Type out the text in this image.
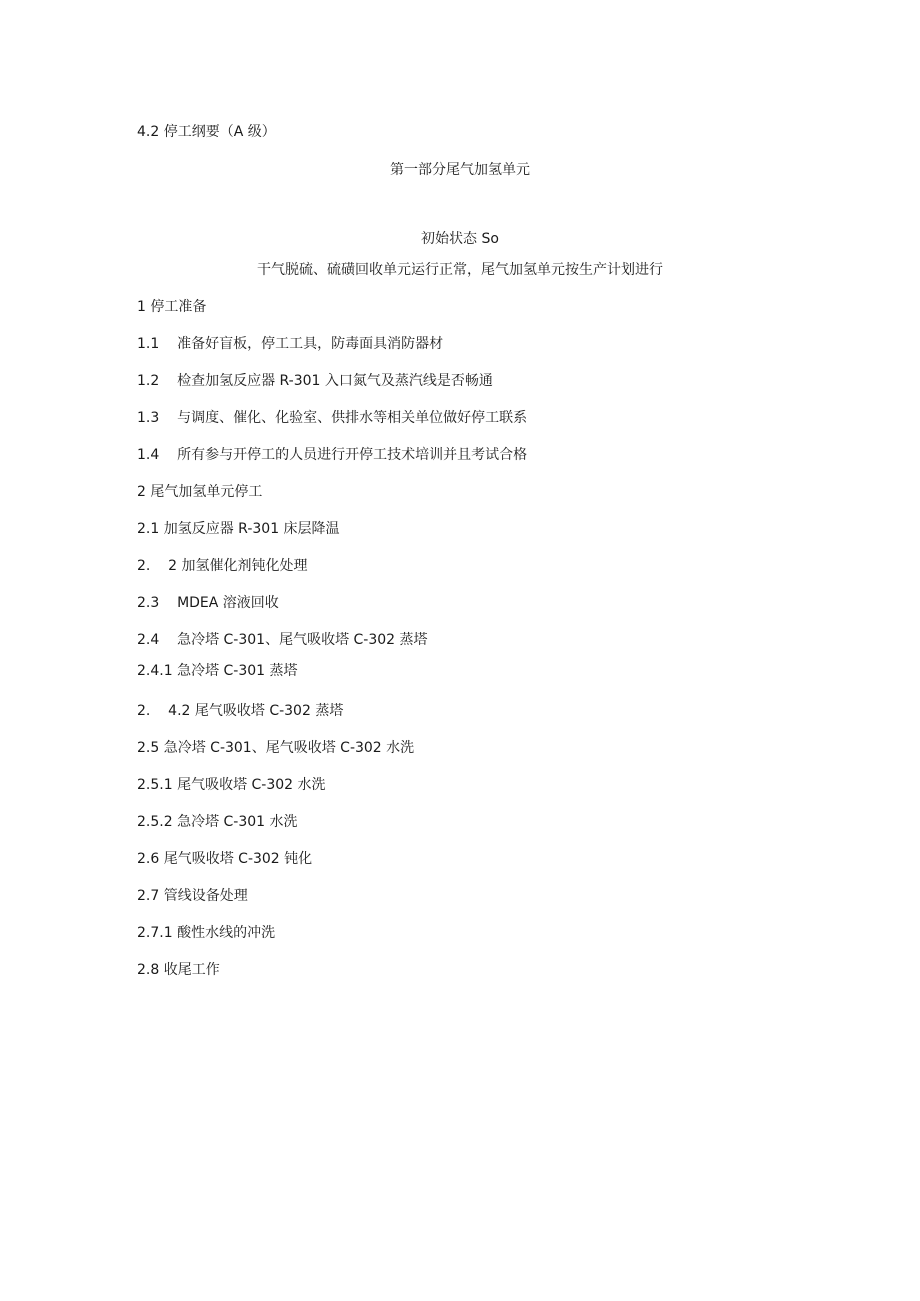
4.2 停工纲要（A 级）
第一部分尾气加氢单元
初始状态 So
干气脱硫、硫磺回收单元运行正常，尾气加氢单元按生产计划进行
1 停工准备
1.1    准备好盲板，停工工具，防毒面具消防器材
1.2    检查加氢反应器 R-301 入口氮气及蒸汽线是否畅通
1.3    与调度、催化、化验室、供排水等相关单位做好停工联系
1.4    所有参与开停工的人员进行开停工技术培训并且考试合格
2 尾气加氢单元停工
2.1 加氢反应器 R-301 床层降温
2.    2 加氢催化剂钝化处理
2.3    MDEA 溶液回收
2.4    急冷塔 C-301、尾气吸收塔 C-302 蒸塔
2.4.1 急冷塔 C-301 蒸塔
2.    4.2 尾气吸收塔 C-302 蒸塔
2.5 急冷塔 C-301、尾气吸收塔 C-302 水洗
2.5.1 尾气吸收塔 C-302 水洗
2.5.2 急冷塔 C-301 水洗
2.6 尾气吸收塔 C-302 钝化
2.7 管线设备处理
2.7.1 酸性水线的冲洗
2.8 收尾工作
